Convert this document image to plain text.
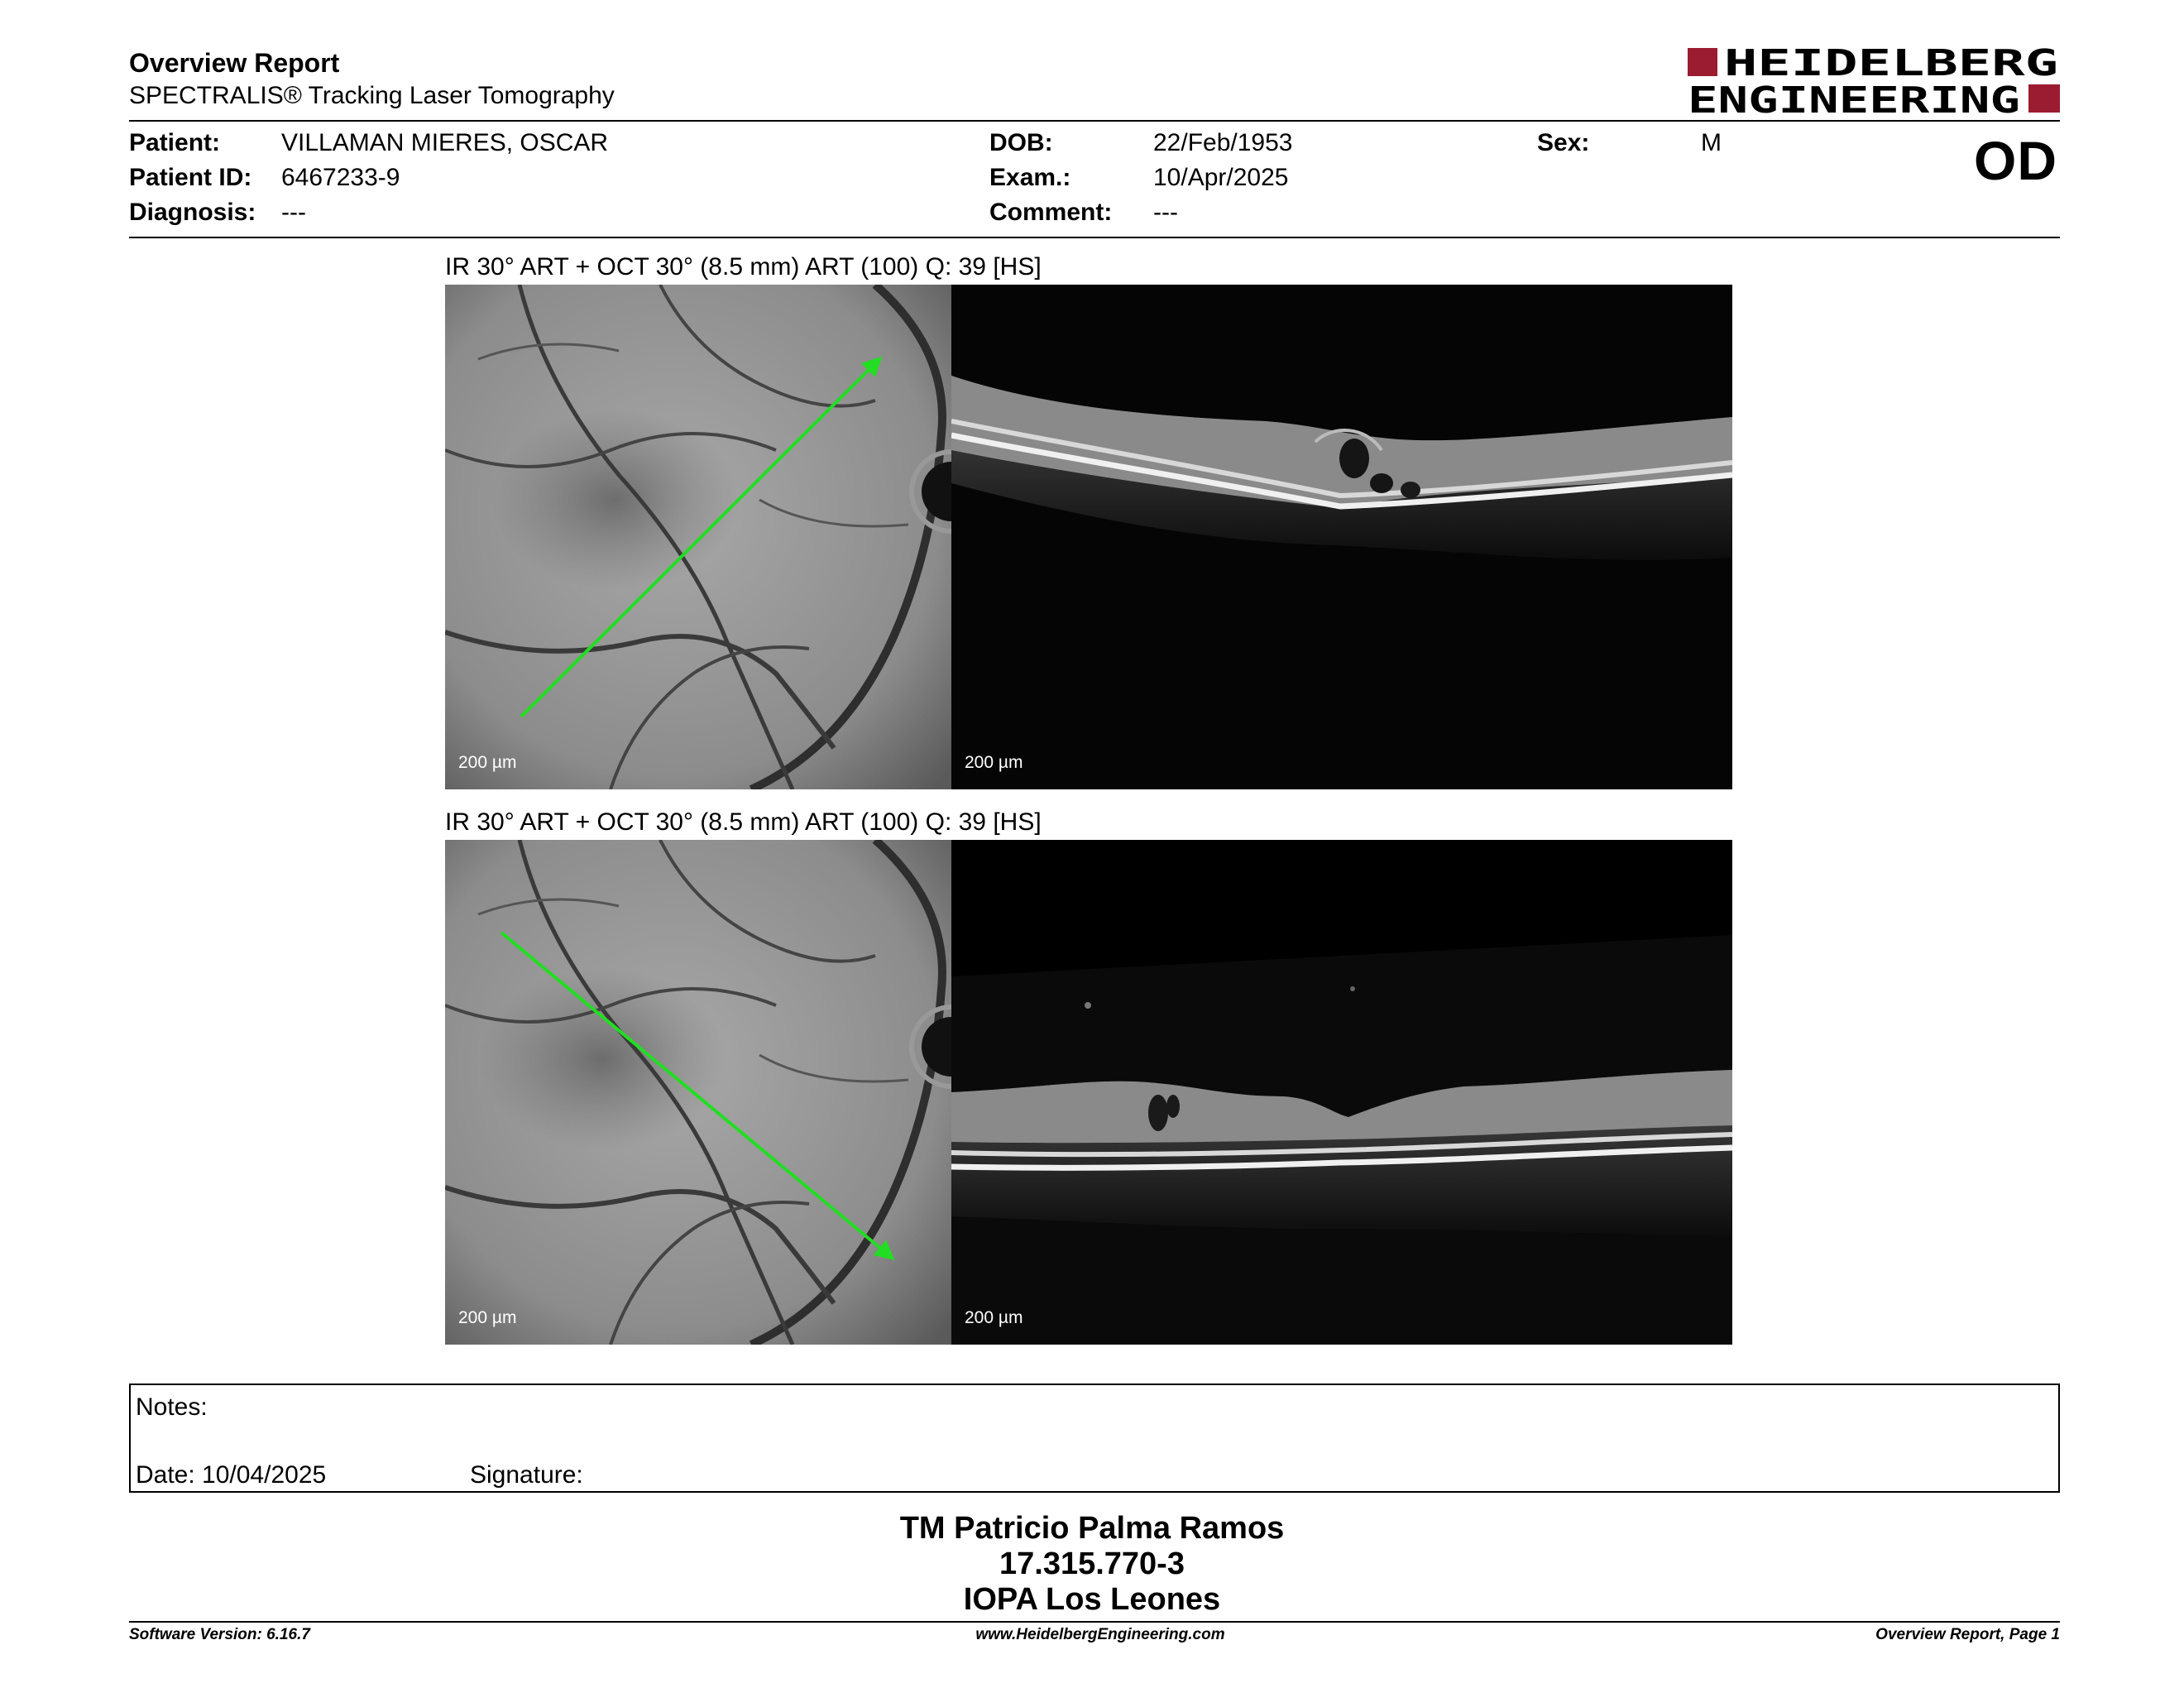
Overview Report
SPECTRALIS® Tracking Laser Tomography
HEIDELBERG
ENGINEERING
Patient: VILLAMAN MIERES, OSCAR
Patient ID: 6467233-9
Diagnosis: ---
DOB:	22/Feb/1953
Exam.:	10/Apr/2025
Comment: ---
Sex:	M	OD
IR 30° ART + OCT 30° (8.5 mm) ART (100) Q: 39 [HS]
200 µm	200 µm
IR 30° ART + OCT 30° (8.5 mm) ART (100) Q: 39 [HS]
200 µm	200 µm
Notes:
Date: 10/04/2025	Signature:
TM Patricio Palma Ramos
17.315.770-3
IOPA Los Leones
Software Version: 6.16.7	www.HeidelbergEngineering.com	Overview Report, Page 1
